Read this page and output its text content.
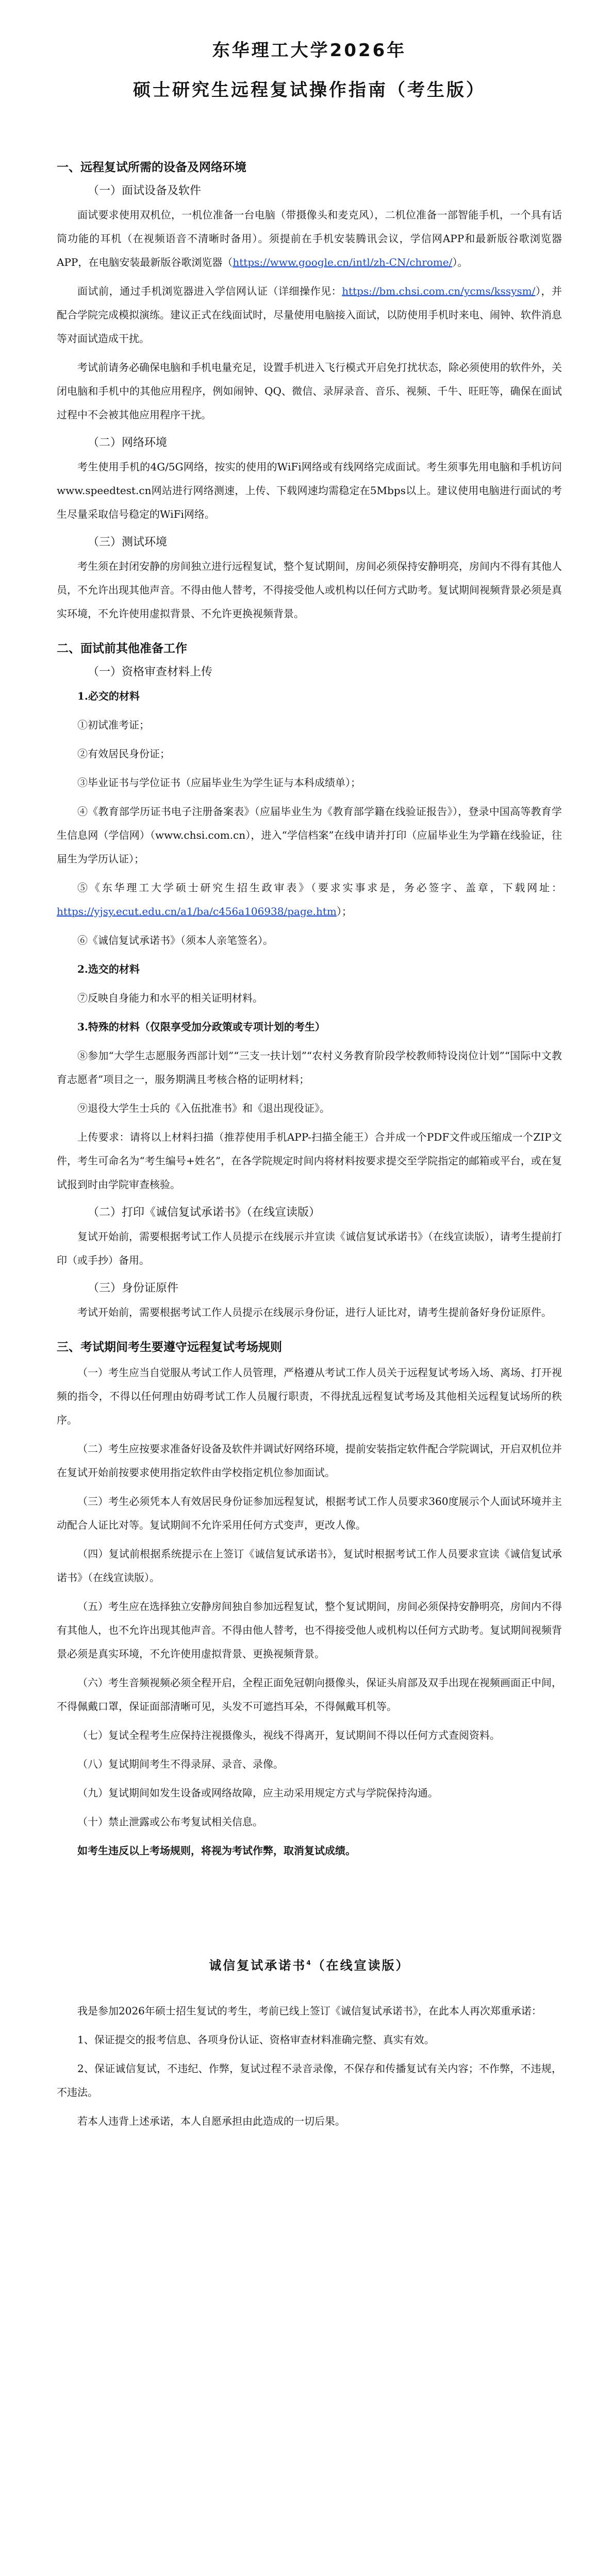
东华理工大学2026年
硕士研究生远程复试操作指南（考生版）
一、远程复试所需的设备及网络环境
（一）面试设备及软件

面试要求使用双机位，一机位准备一台电脑（带摄像头和麦克风），二机位准备一部智能手机，一个具有话筒功能的耳机（在视频语音不清晰时备用）。须提前在手机安装腾讯会议，学信网APP和最新版谷歌浏览器APP，在电脑安装最新版谷歌浏览器（https://www.google.cn/intl/zh-CN/chrome/）。

面试前，通过手机浏览器进入学信网认证（详细操作见：https://bm.chsi.com.cn/ycms/kssysm/），并配合学院完成模拟演练。建议正式在线面试时，尽量使用电脑接入面试，以防使用手机时来电、闹钟、软件消息等对面试造成干扰。

考试前请务必确保电脑和手机电量充足，设置手机进入飞行模式开启免打扰状态，除必须使用的软件外，关闭电脑和手机中的其他应用程序，例如闹钟、QQ、微信、录屏录音、音乐、视频、千牛、旺旺等，确保在面试过程中不会被其他应用程序干扰。

（二）网络环境

考生使用手机的4G/5G网络，按实的使用的WiFi网络或有线网络完成面试。考生须事先用电脑和手机访问www.speedtest.cn网站进行网络测速，上传、下载网速均需稳定在5Mbps以上。建议使用电脑进行面试的考生尽量采取信号稳定的WiFi网络。

（三）测试环境

考生须在封闭安静的房间独立进行远程复试，整个复试期间，房间必须保持安静明亮，房间内不得有其他人员，不允许出现其他声音。不得由他人替考，不得接受他人或机构以任何方式助考。复试期间视频背景必须是真实环境，不允许使用虚拟背景、不允许更换视频背景。

二、面试前其他准备工作
（一）资格审查材料上传

1.必交的材料

①初试准考证；

②有效居民身份证；

③毕业证书与学位证书（应届毕业生为学生证与本科成绩单）；

④《教育部学历证书电子注册备案表》（应届毕业生为《教育部学籍在线验证报告》），登录中国高等教育学生信息网（学信网）（www.chsi.com.cn），进入“学信档案”在线申请并打印（应届毕业生为学籍在线验证，往届生为学历认证）；

⑤《东华理工大学硕士研究生招生政审表》（要求实事求是，务必签字、盖章，下载网址：https://yjsy.ecut.edu.cn/a1/ba/c456a106938/page.htm）；

⑥《诚信复试承诺书》（须本人亲笔签名）。

2.选交的材料

⑦反映自身能力和水平的相关证明材料。

3.特殊的材料（仅限享受加分政策或专项计划的考生）

⑧参加“大学生志愿服务西部计划”“三支一扶计划”“农村义务教育阶段学校教师特设岗位计划”“国际中文教育志愿者”项目之一，服务期满且考核合格的证明材料；

⑨退役大学生士兵的《入伍批准书》和《退出现役证》。

上传要求：请将以上材料扫描（推荐使用手机APP-扫描全能王）合并成一个PDF文件或压缩成一个ZIP文件，考生可命名为“考生编号+姓名”，在各学院规定时间内将材料按要求提交至学院指定的邮箱或平台，或在复试报到时由学院审查核验。

（二）打印《诚信复试承诺书》（在线宣读版）

复试开始前，需要根据考试工作人员提示在线展示并宣读《诚信复试承诺书》（在线宣读版），请考生提前打印（或手抄）备用。

（三）身份证原件

考试开始前，需要根据考试工作人员提示在线展示身份证，进行人证比对，请考生提前备好身份证原件。

三、考试期间考生要遵守远程复试考场规则

（一）考生应当自觉服从考试工作人员管理，严格遵从考试工作人员关于远程复试考场入场、离场、打开视频的指令，不得以任何理由妨碍考试工作人员履行职责，不得扰乱远程复试考场及其他相关远程复试场所的秩序。

（二）考生应按要求准备好设备及软件并调试好网络环境，提前安装指定软件配合学院调试，开启双机位并在复试开始前按要求使用指定软件由学校指定机位参加面试。

（三）考生必须凭本人有效居民身份证参加远程复试，根据考试工作人员要求360度展示个人面试环境并主动配合人证比对等。复试期间不允许采用任何方式变声，更改人像。

（四）复试前根据系统提示在上签订《诚信复试承诺书》，复试时根据考试工作人员要求宣读《诚信复试承诺书》（在线宣读版）。

（五）考生应在选择独立安静房间独自参加远程复试，整个复试期间，房间必须保持安静明亮，房间内不得有其他人，也不允许出现其他声音。不得由他人替考，也不得接受他人或机构以任何方式助考。复试期间视频背景必须是真实环境，不允许使用虚拟背景、更换视频背景。

（六）考生音频视频必须全程开启，全程正面免冠朝向摄像头，保证头肩部及双手出现在视频画面正中间，不得佩戴口罩，保证面部清晰可见，头发不可遮挡耳朵，不得佩戴耳机等。

（七）复试全程考生应保持注视摄像头，视线不得离开，复试期间不得以任何方式查阅资料。

（八）复试期间考生不得录屏、录音、录像。

（九）复试期间如发生设备或网络故障，应主动采用规定方式与学院保持沟通。

（十）禁止泄露或公布考复试相关信息。

如考生违反以上考场规则，将视为考试作弊，取消复试成绩。

诚信复试承诺书$^4$（在线宣读版）

我是参加2026年硕士招生复试的考生，考前已线上签订《诚信复试承诺书》，在此本人再次郑重承诺：

1、保证提交的报考信息、各项身份认证、资格审查材料准确完整、真实有效。

2、保证诚信复试，不违纪、作弊，复试过程不录音录像，不保存和传播复试有关内容；不作弊，不违规，不违法。

若本人违背上述承诺，本人自愿承担由此造成的一切后果。
